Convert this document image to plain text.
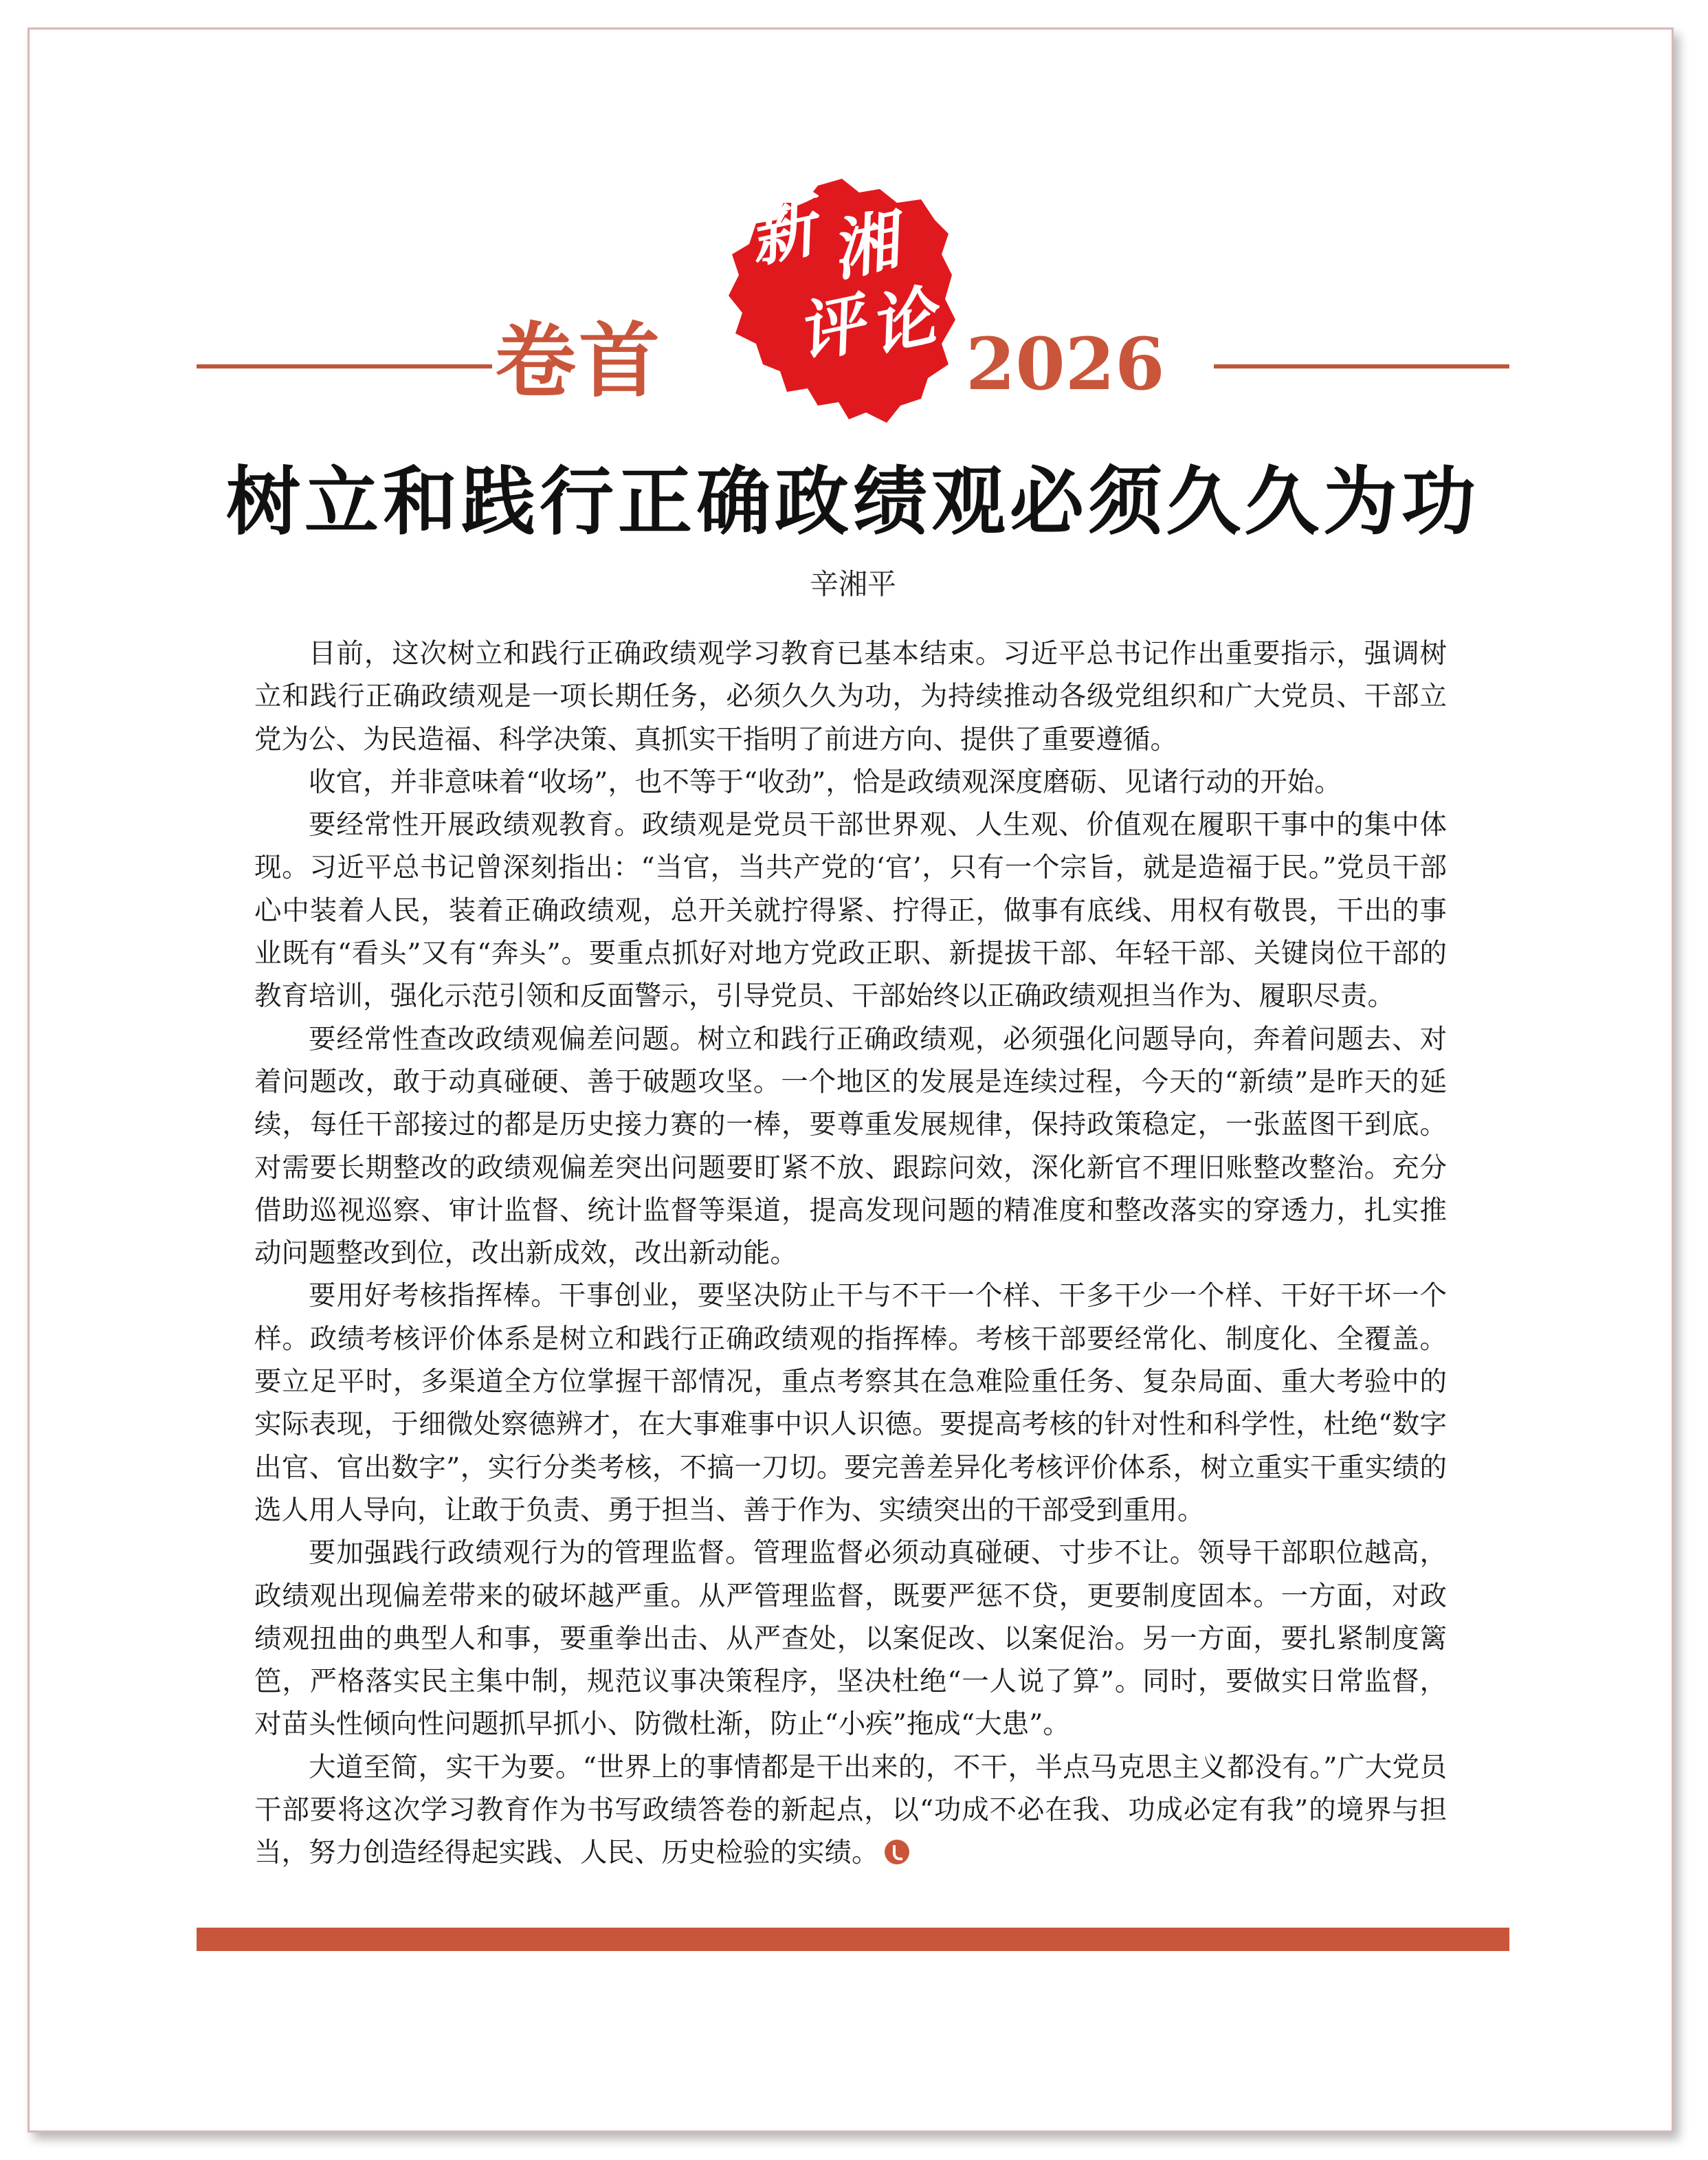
卷首
新 湘
评
论 2026
树立和践行正确政绩观必须久久为功
辛湘平

目前，这次树立和践行正确政绩观学习教育已基本结束。习近平总书记作出重要指示，强调树立和践行正确政绩观是一项长期任务，必须久久为功，为持续推动各级党组织和广大党员、干部立党为公、为民造福、科学决策、真抓实干指明了前进方向、提供了重要遵循。

收官，并非意味着“收场”，也不等于“收劲”，恰是政绩观深度磨砺、见诸行动的开始。

要经常性开展政绩观教育。政绩观是党员干部世界观、人生观、价值观在履职干事中的集中体现。习近平总书记曾深刻指出：“当官，当共产党的‘官’，只有一个宗旨，就是造福于民。”党员干部心中装着人民，装着正确政绩观，总开关就拧得紧、拧得正，做事有底线、用权有敬畏，干出的事业既有“看头”又有“奔头”。要重点抓好对地方党政正职、新提拔干部、年轻干部、关键岗位干部的教育培训，强化示范引领和反面警示，引导党员、干部始终以正确政绩观担当作为、履职尽责。

要经常性查改政绩观偏差问题。树立和践行正确政绩观，必须强化问题导向，奔着问题去、对着问题改，敢于动真碰硬、善于破题攻坚。一个地区的发展是连续过程，今天的“新绩”是昨天的延续，每任干部接过的都是历史接力赛的一棒，要尊重发展规律，保持政策稳定，一张蓝图干到底。对需要长期整改的政绩观偏差突出问题要盯紧不放、跟踪问效，深化新官不理旧账整改整治。充分借助巡视巡察、审计监督、统计监督等渠道，提高发现问题的精准度和整改落实的穿透力，扎实推动问题整改到位，改出新成效，改出新动能。

要用好考核指挥棒。干事创业，要坚决防止干与不干一个样、干多干少一个样、干好干坏一个样。政绩考核评价体系是树立和践行正确政绩观的指挥棒。考核干部要经常化、制度化、全覆盖。要立足平时，多渠道全方位掌握干部情况，重点考察其在急难险重任务、复杂局面、重大考验中的实际表现，于细微处察德辨才，在大事难事中识人识德。要提高考核的针对性和科学性，杜绝“数字出官、官出数字”，实行分类考核，不搞一刀切。要完善差异化考核评价体系，树立重实干重实绩的选人用人导向，让敢于负责、勇于担当、善于作为、实绩突出的干部受到重用。

要加强践行政绩观行为的管理监督。管理监督必须动真碰硬、寸步不让。领导干部职位越高，政绩观出现偏差带来的破坏越严重。从严管理监督，既要严惩不贷，更要制度固本。一方面，对政绩观扭曲的典型人和事，要重拳出击、从严查处，以案促改、以案促治。另一方面，要扎紧制度篱笆，严格落实民主集中制，规范议事决策程序，坚决杜绝“一人说了算”。同时，要做实日常监督，对苗头性倾向性问题抓早抓小、防微杜渐，防止“小疾”拖成“大患”。

大道至简，实干为要。“世界上的事情都是干出来的，不干，半点马克思主义都没有。”广大党员干部要将这次学习教育作为书写政绩答卷的新起点，以“功成不必在我、功成必定有我”的境界与担当，努力创造经得起实践、人民、历史检验的实绩。
